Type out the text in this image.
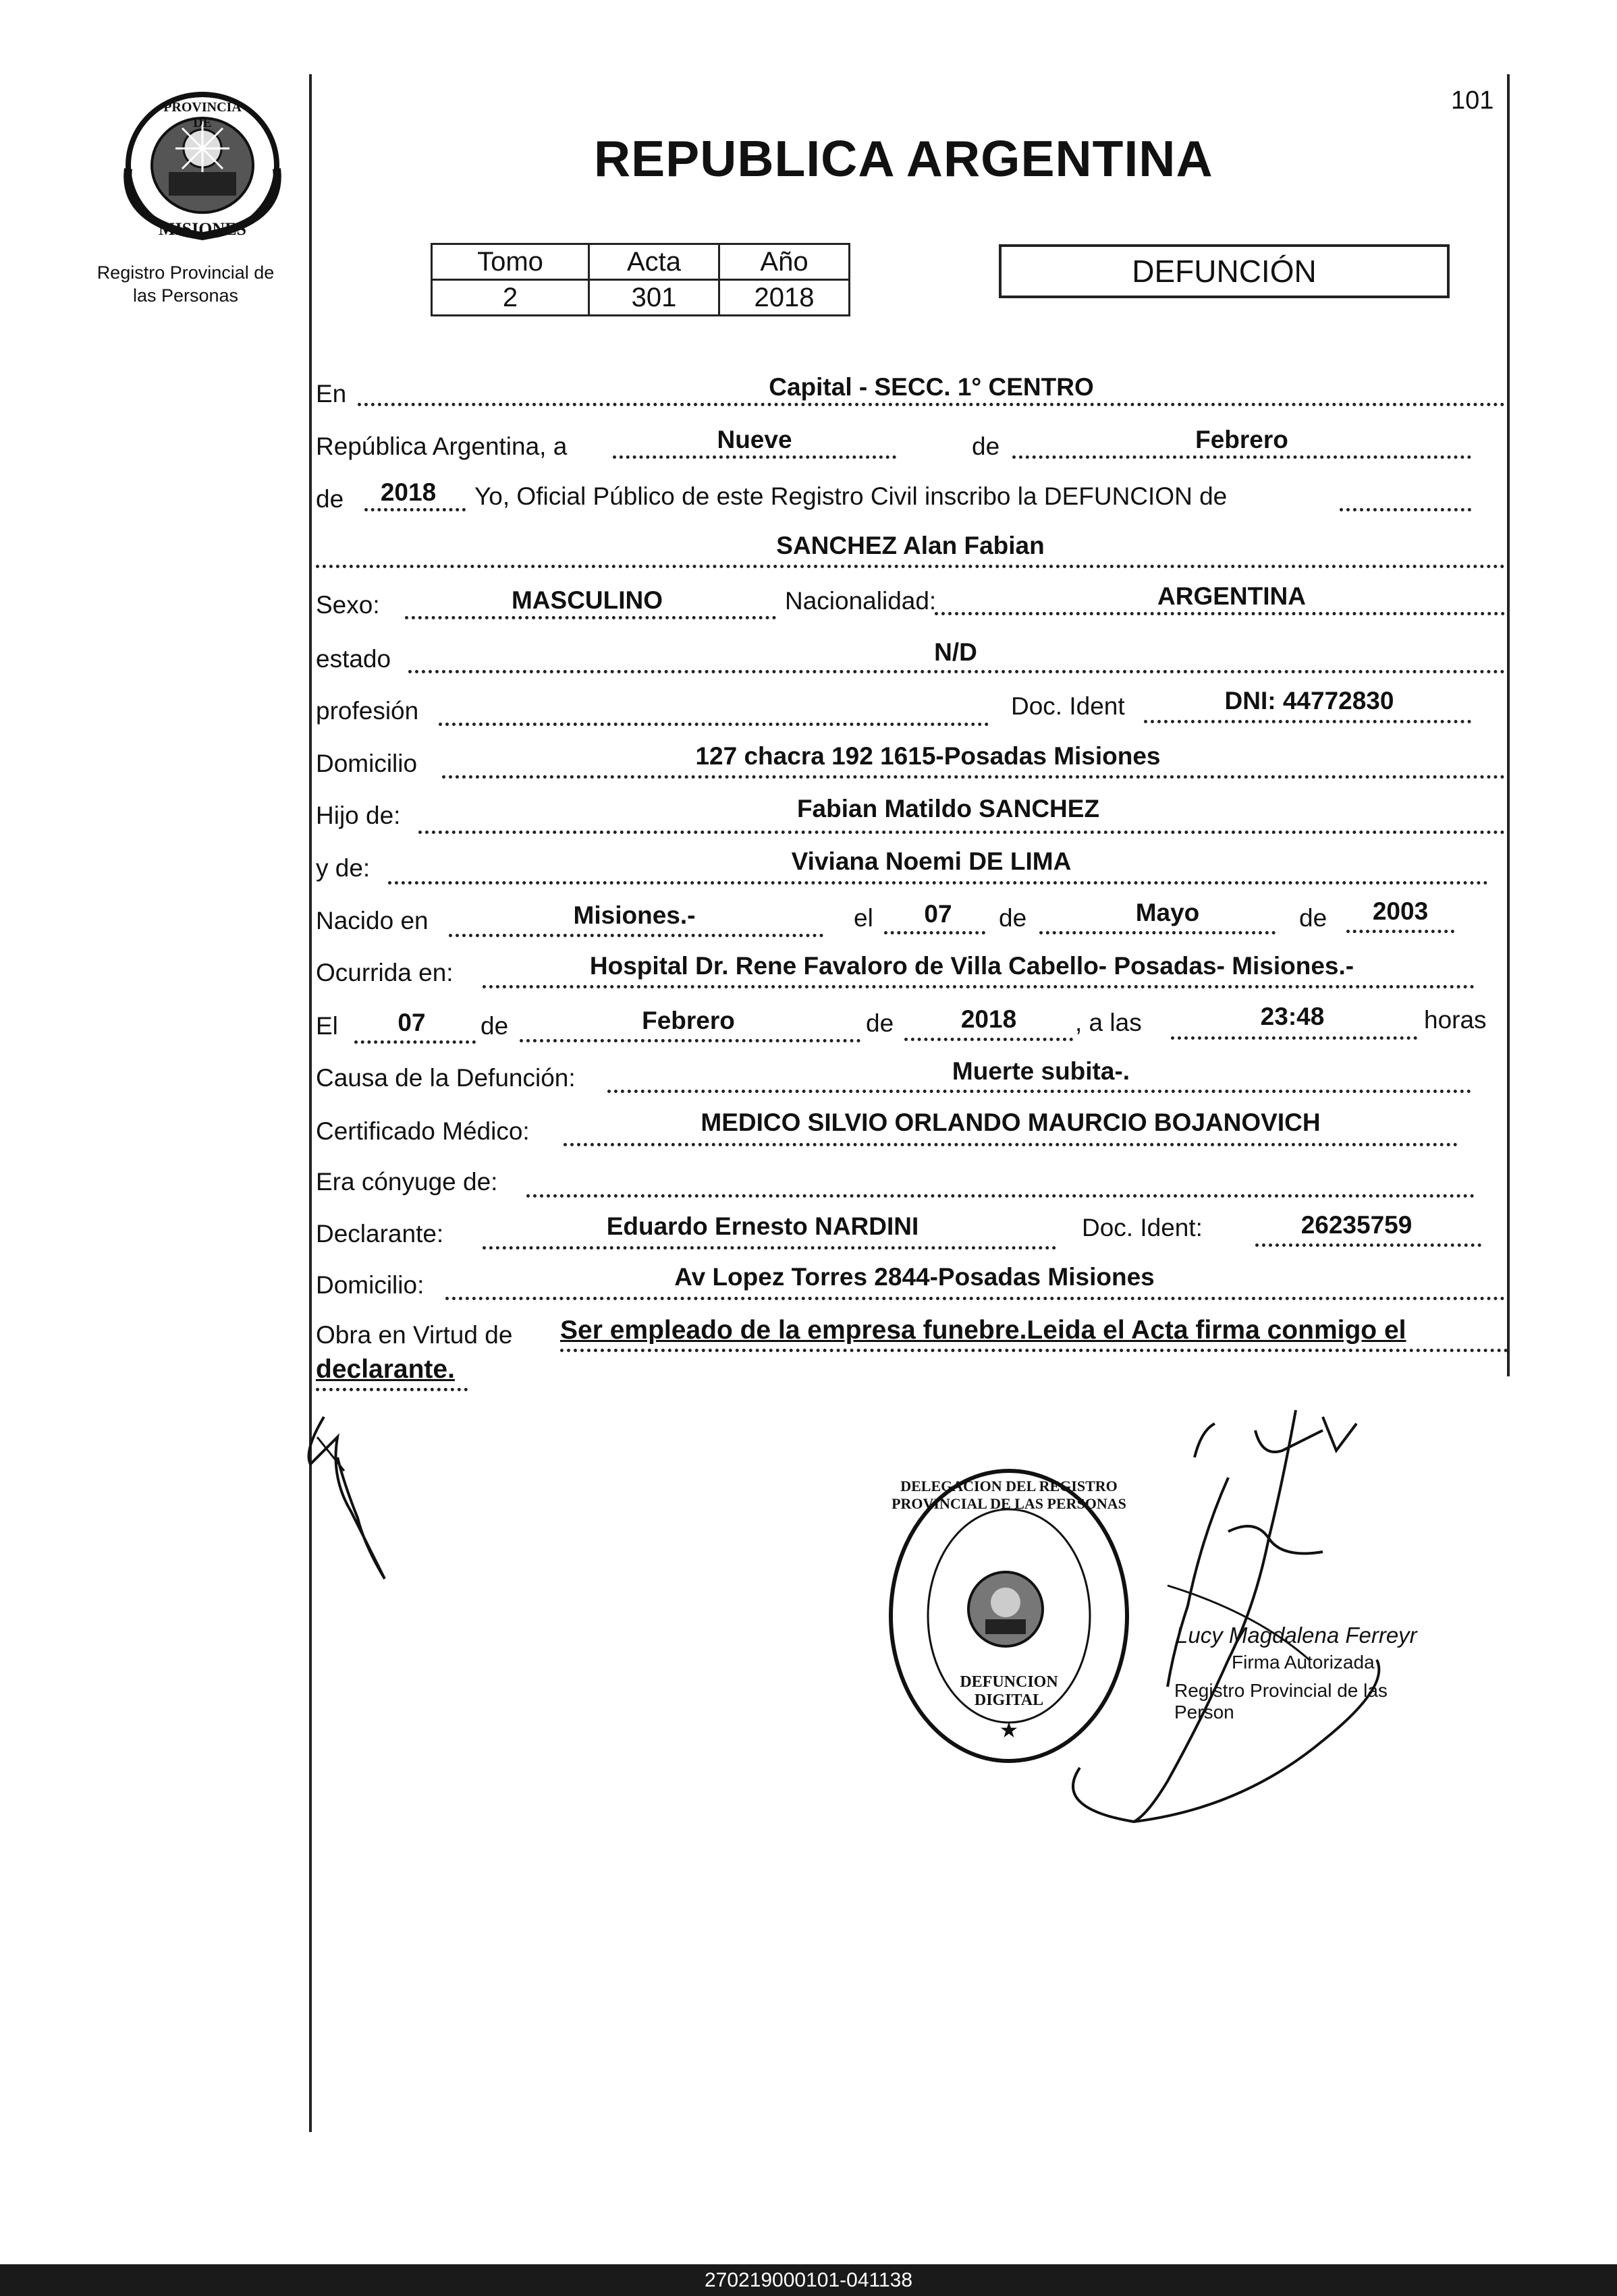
PROVINCIA DE
MISIONES
Registro Provincial de
las Personas
101
REPUBLICA ARGENTINA
Tomo	Acta	Año
2	301	2018
DEFUNCIÓN
En	Capital - SECC. 1° CENTRO
República Argentina, a	Nueve	de	Febrero
de	2018	Yo, Oficial Público de este Registro Civil inscribo la DEFUNCION de
SANCHEZ Alan Fabian
Sexo:	MASCULINO	Nacionalidad:	ARGENTINA
estado	N/D
profesión	Doc. Ident	DNI: 44772830
Domicilio	127 chacra 192 1615-Posadas Misiones
Hijo de:	Fabian Matildo SANCHEZ
y de:	Viviana Noemi DE LIMA
Nacido en	Misiones.-	el	07	de	Mayo	de	2003
Ocurrida en:	Hospital Dr. Rene Favaloro de Villa Cabello- Posadas- Misiones.-
El	07	de	Febrero	de	2018	, a las	23:48	horas
Causa de la Defunción:	Muerte subita-.
Certificado Médico:	MEDICO SILVIO ORLANDO MAURCIO BOJANOVICH
Era cónyuge de:
Declarante:	Eduardo Ernesto NARDINI	Doc. Ident:	26235759
Domicilio:	Av Lopez Torres 2844-Posadas Misiones
Obra en Virtud de Ser empleado de la empresa funebre.Leida el Acta firma conmigo el
declarante.
★
DELEGACION DEL REGISTRO PROVINCIAL DE LAS PERSONAS
DEFUNCION DIGITAL
Lucy Magdalena Ferreyr
Firma Autorizada
Registro Provincial de las Person
270219000101-041138
